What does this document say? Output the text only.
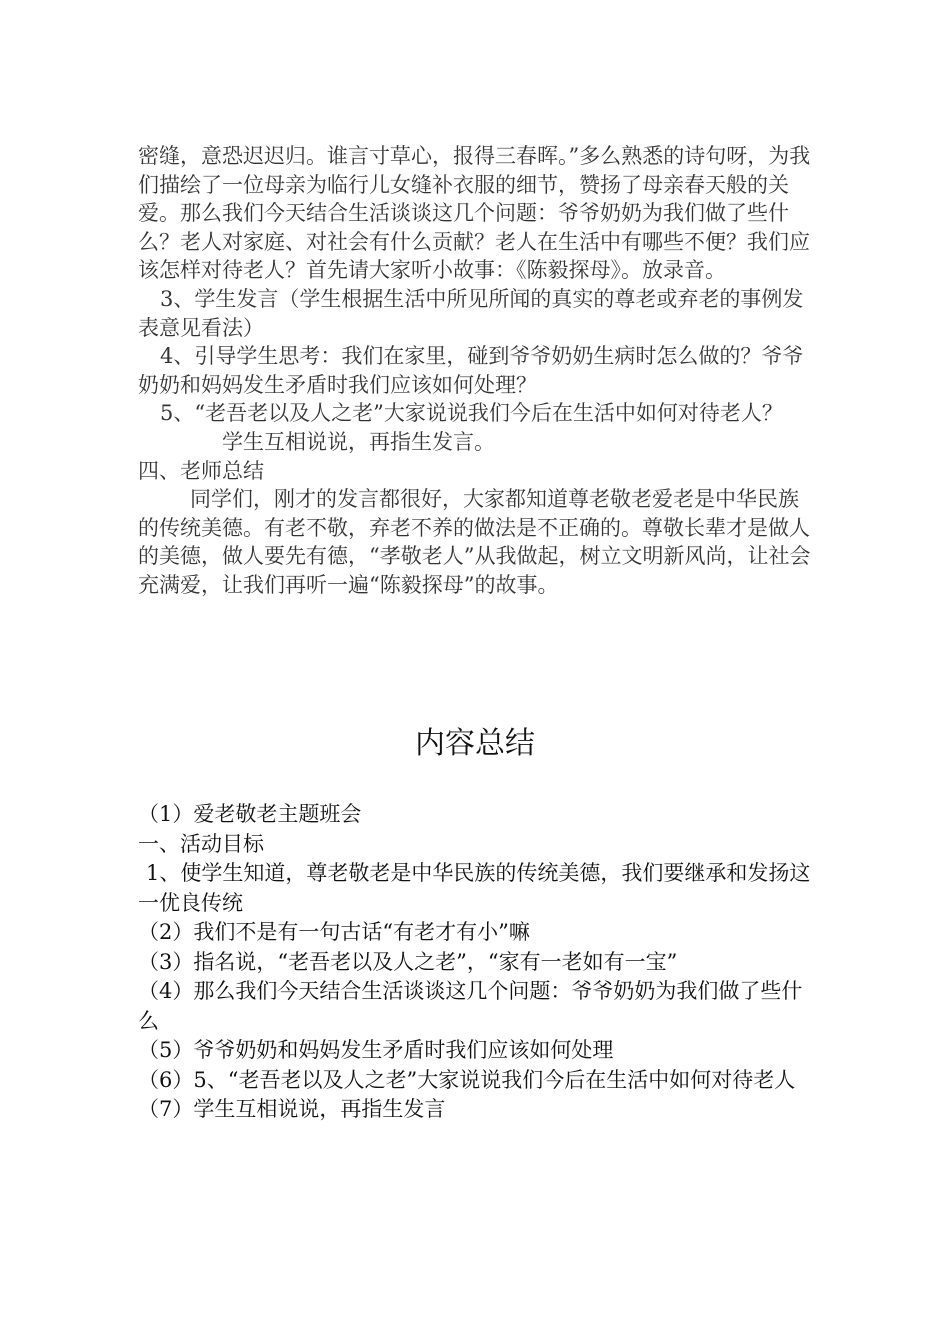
密缝，意恐迟迟归。谁言寸草心，报得三春晖。”多么熟悉的诗句呀，为我们描绘了一位母亲为临行儿女缝补衣服的细节，赞扬了母亲春天般的关爱。那么我们今天结合生活谈谈这几个问题：爷爷奶奶为我们做了些什么？老人对家庭、对社会有什么贡献？老人在生活中有哪些不便？我们应该怎样对待老人？首先请大家听小故事：《陈毅探母》。放录音。

3、学生发言（学生根据生活中所见所闻的真实的尊老或弃老的事例发表意见看法）

4、引导学生思考：我们在家里，碰到爷爷奶奶生病时怎么做的？爷爷奶奶和妈妈发生矛盾时我们应该如何处理？

5、“老吾老以及人之老”大家说说我们今后在生活中如何对待老人？

学生互相说说，再指生发言。

四、老师总结

同学们，刚才的发言都很好，大家都知道尊老敬老爱老是中华民族的传统美德。有老不敬，弃老不养的做法是不正确的。尊敬长辈才是做人的美德，做人要先有德，“孝敬老人”从我做起，树立文明新风尚，让社会充满爱，让我们再听一遍“陈毅探母”的故事。

内容总结

（1）爱老敬老主题班会

一、活动目标

1、使学生知道，尊老敬老是中华民族的传统美德，我们要继承和发扬这一优良传统

（2）我们不是有一句古话“有老才有小”嘛

（3）指名说，“老吾老以及人之老”，“家有一老如有一宝”

（4）那么我们今天结合生活谈谈这几个问题：爷爷奶奶为我们做了些什么

（5）爷爷奶奶和妈妈发生矛盾时我们应该如何处理

（6）5、“老吾老以及人之老”大家说说我们今后在生活中如何对待老人

（7）学生互相说说，再指生发言
